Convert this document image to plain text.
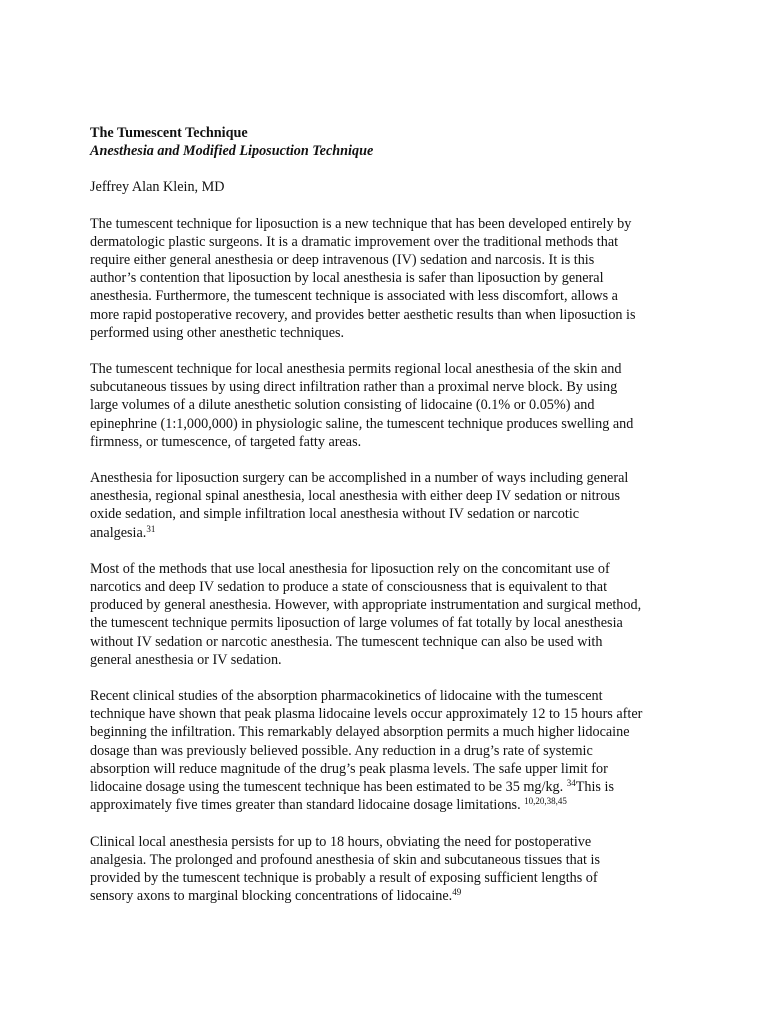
The Tumescent Technique
Anesthesia and Modified Liposuction Technique
Jeffrey Alan Klein, MD
The tumescent technique for liposuction is a new technique that has been developed entirely by
dermatologic plastic surgeons. It is a dramatic improvement over the traditional methods that
require either general anesthesia or deep intravenous (IV) sedation and narcosis. It is this
author’s contention that liposuction by local anesthesia is safer than liposuction by general
anesthesia. Furthermore, the tumescent technique is associated with less discomfort, allows a
more rapid postoperative recovery, and provides better aesthetic results than when liposuction is
performed using other anesthetic techniques.
The tumescent technique for local anesthesia permits regional local anesthesia of the skin and
subcutaneous tissues by using direct infiltration rather than a proximal nerve block. By using
large volumes of a dilute anesthetic solution consisting of lidocaine (0.1% or 0.05%) and
epinephrine (1:1,000,000) in physiologic saline, the tumescent technique produces swelling and
firmness, or tumescence, of targeted fatty areas.
Anesthesia for liposuction surgery can be accomplished in a number of ways including general
anesthesia, regional spinal anesthesia, local anesthesia with either deep IV sedation or nitrous
oxide sedation, and simple infiltration local anesthesia without IV sedation or narcotic
analgesia.$^{31}$
Most of the methods that use local anesthesia for liposuction rely on the concomitant use of
narcotics and deep IV sedation to produce a state of consciousness that is equivalent to that
produced by general anesthesia. However, with appropriate instrumentation and surgical method,
the tumescent technique permits liposuction of large volumes of fat totally by local anesthesia
without IV sedation or narcotic anesthesia. The tumescent technique can also be used with
general anesthesia or IV sedation.
Recent clinical studies of the absorption pharmacokinetics of lidocaine with the tumescent
technique have shown that peak plasma lidocaine levels occur approximately 12 to 15 hours after
beginning the infiltration. This remarkably delayed absorption permits a much higher lidocaine
dosage than was previously believed possible. Any reduction in a drug’s rate of systemic
absorption will reduce magnitude of the drug’s peak plasma levels. The safe upper limit for
lidocaine dosage using the tumescent technique has been estimated to be 35 mg/kg. $^{34}$This is
approximately five times greater than standard lidocaine dosage limitations. $^{10,20,38,45}$
Clinical local anesthesia persists for up to 18 hours, obviating the need for postoperative
analgesia. The prolonged and profound anesthesia of skin and subcutaneous tissues that is
provided by the tumescent technique is probably a result of exposing sufficient lengths of
sensory axons to marginal blocking concentrations of lidocaine.$^{49}$
